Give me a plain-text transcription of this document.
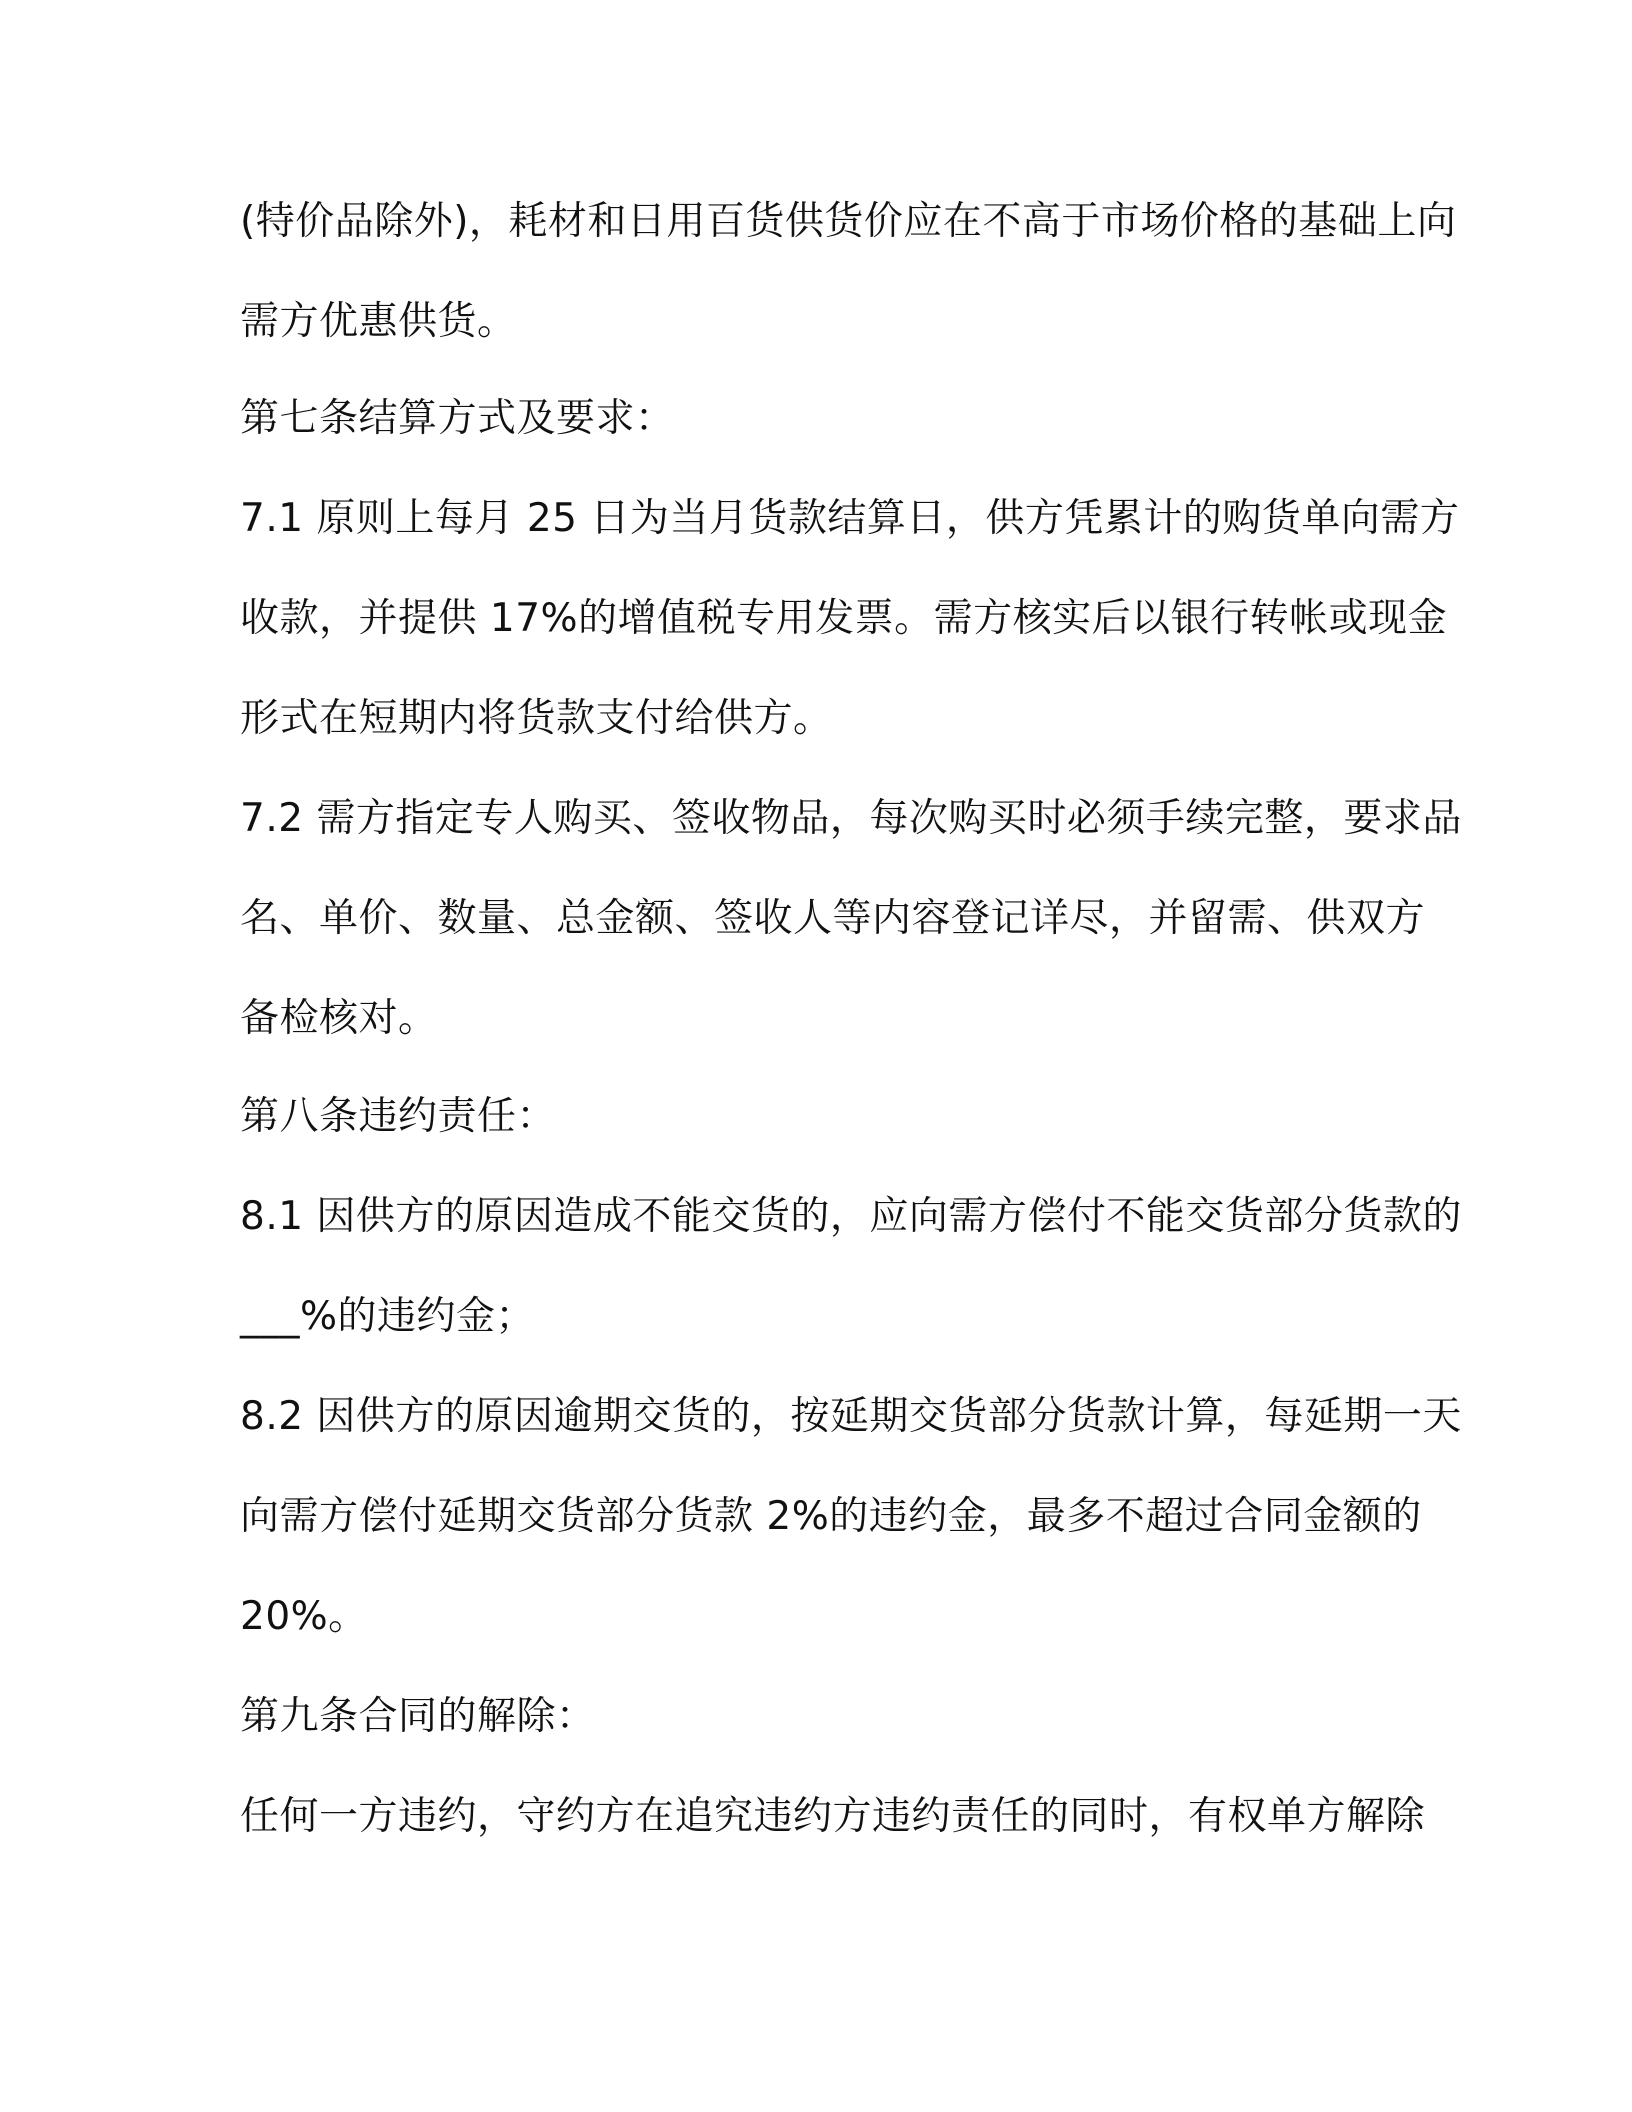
(特价品除外)，耗材和日用百货供货价应在不高于市场价格的基础上向
需方优惠供货。
第七条结算方式及要求：
7.1 原则上每月 25 日为当月货款结算日，供方凭累计的购货单向需方
收款，并提供 17%的增值税专用发票。需方核实后以银行转帐或现金
形式在短期内将货款支付给供方。
7.2 需方指定专人购买、签收物品，每次购买时必须手续完整，要求品
名、单价、数量、总金额、签收人等内容登记详尽，并留需、供双方
备检核对。
第八条违约责任：
8.1 因供方的原因造成不能交货的，应向需方偿付不能交货部分货款的
___%的违约金；
8.2 因供方的原因逾期交货的，按延期交货部分货款计算，每延期一天
向需方偿付延期交货部分货款 2%的违约金，最多不超过合同金额的
20%。
第九条合同的解除：
任何一方违约，守约方在追究违约方违约责任的同时，有权单方解除
